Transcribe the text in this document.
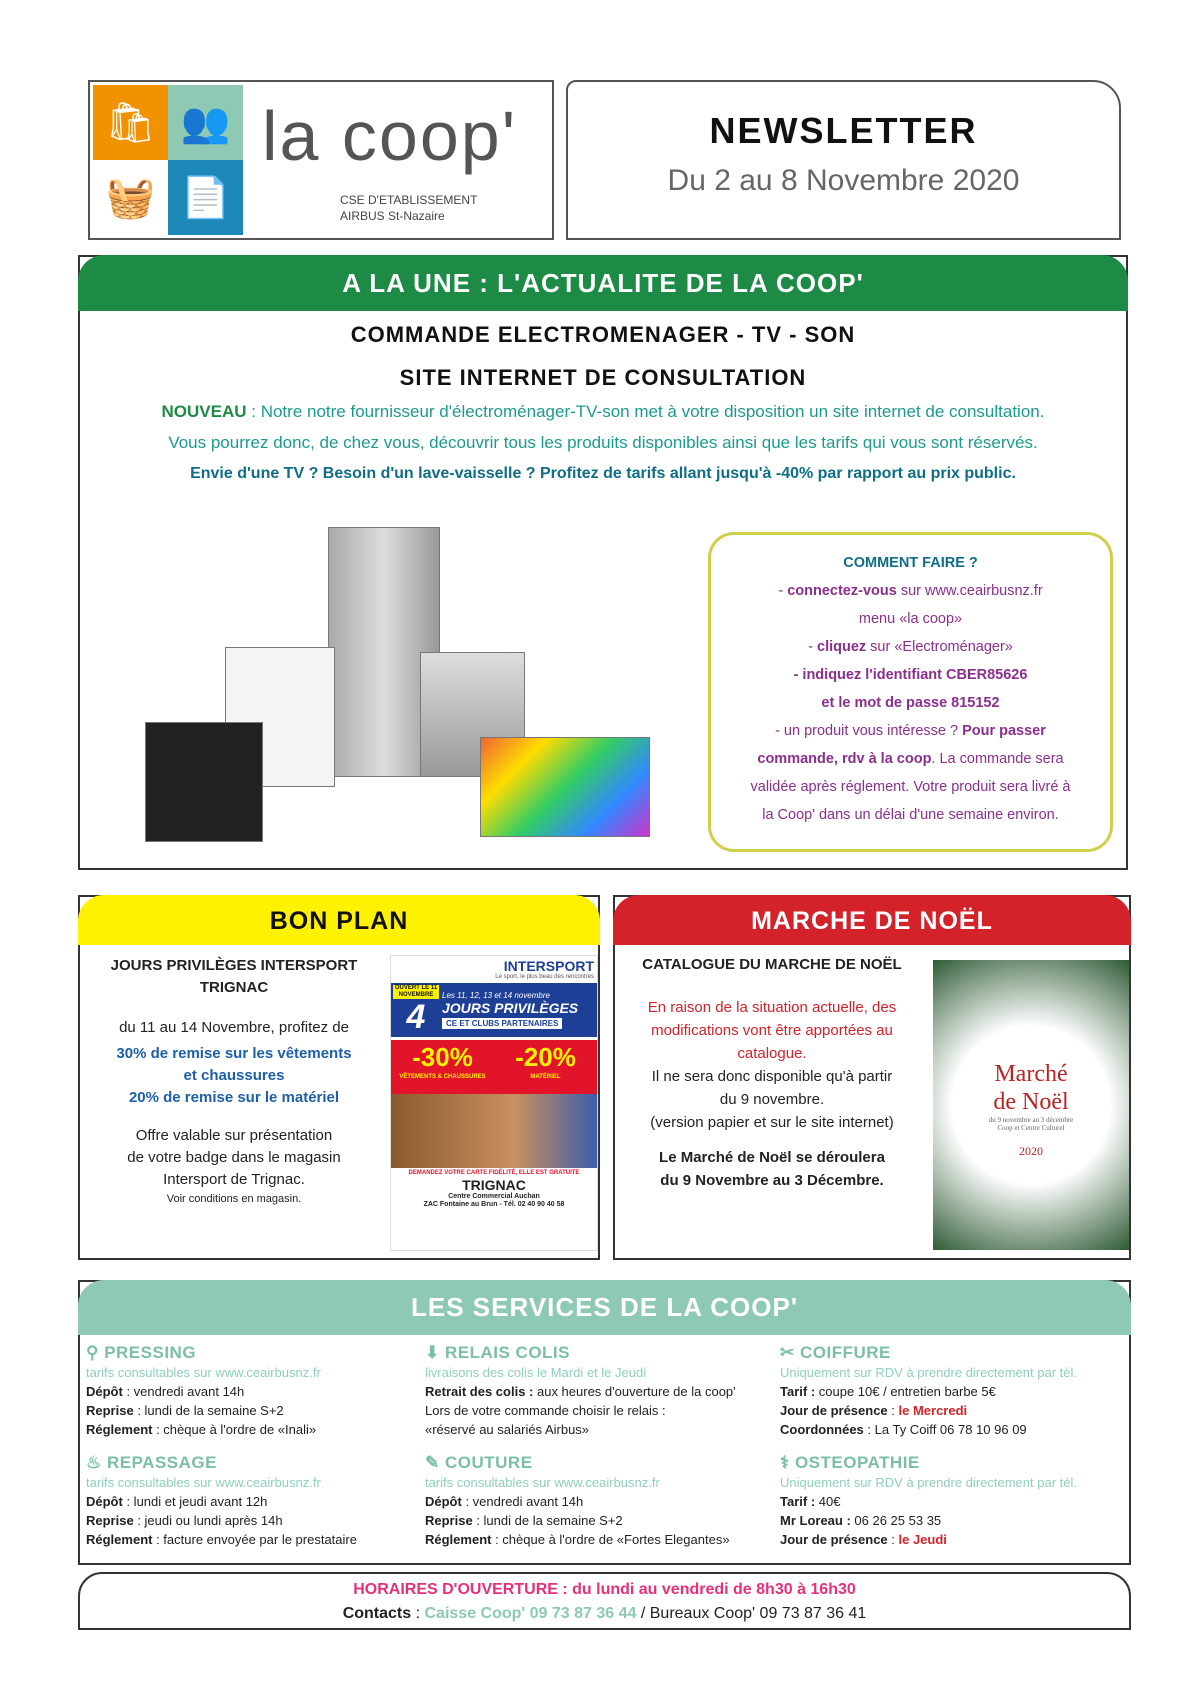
🛍 👥
🧺 📄
la coop'
CSE D'ETABLISSEMENT
AIRBUS St-Nazaire
NEWSLETTER
Du 2 au 8 Novembre 2020
A LA UNE : L'ACTUALITE DE LA COOP'
COMMANDE ELECTROMENAGER - TV - SON
SITE INTERNET DE CONSULTATION
NOUVEAU : Notre notre fournisseur d'électroménager-TV-son met à votre disposition un site internet de consultation.
Vous pourrez donc, de chez vous, découvrir tous les produits disponibles ainsi que les tarifs qui vous sont réservés.
Envie d'une TV ? Besoin d'un lave-vaisselle ? Profitez de tarifs allant jusqu'à -40% par rapport au prix public.
COMMENT FAIRE ?
- connectez-vous sur www.ceairbusnz.fr
menu «la coop»
- cliquez sur «Electroménager»
- indiquez l'identifiant CBER85626
et le mot de passe 815152
- un produit vous intéresse ? Pour passer
commande, rdv à la coop. La commande sera
validée après réglement. Votre produit sera livré à
la Coop' dans un délai d'une semaine environ.
BON PLAN
JOURS PRIVILÈGES INTERSPORT
TRIGNAC
du 11 au 14 Novembre, profitez de
30% de remise sur les vêtements
et chaussures
20% de remise sur le matériel
Offre valable sur présentation
de votre badge dans le magasin
Intersport de Trignac.
Voir conditions en magasin.
INTERSPORT
Le sport, le plus beau des rencontres
OUVERT LE 11 NOVEMBRE
4
Les 11, 12, 13 et 14 novembre
JOURS PRIVILÈGES
CE ET CLUBS PARTENAIRES
-30%
VÊTEMENTS & CHAUSSURES
-20%
MATÉRIEL
DEMANDEZ VOTRE CARTE FIDÉLITÉ, ELLE EST GRATUITE
TRIGNAC
Centre Commercial Auchan
ZAC Fontaine au Brun - Tél. 02 40 90 40 58
MARCHE DE NOËL
CATALOGUE DU MARCHE DE NOËL
En raison de la situation actuelle, des
modifications vont être apportées au
catalogue.
Il ne sera donc disponible qu'à partir
du 9 novembre.
(version papier et sur le site internet)
Le Marché de Noël se déroulera
du 9 Novembre au 3 Décembre.
Marché
de Noël
du 9 novembre au 3 décembre
Coop et Centre Culturel
2020
LES SERVICES DE LA COOP'
⚲ PRESSING
tarifs consultables sur www.ceairbusnz.fr
Dépôt : vendredi avant 14h
Reprise : lundi de la semaine S+2
Réglement : chèque à l'ordre de «Inali»
⬇ RELAIS COLIS
livraisons des colis le Mardi et le Jeudi
Retrait des colis : aux heures d'ouverture de la coop'
Lors de votre commande choisir le relais :
«réservé au salariés Airbus»
✂ COIFFURE
Uniquement sur RDV à prendre directement par tél.
Tarif : coupe 10€ / entretien barbe 5€
Jour de présence : le Mercredi
Coordonnées : La Ty Coiff 06 78 10 96 09
♨ REPASSAGE
tarifs consultables sur www.ceairbusnz.fr
Dépôt : lundi et jeudi avant 12h
Reprise : jeudi ou lundi après 14h
Réglement : facture envoyée par le prestataire
✎ COUTURE
tarifs consultables sur www.ceairbusnz.fr
Dépôt : vendredi avant 14h
Reprise : lundi de la semaine S+2
Réglement : chèque à l'ordre de «Fortes Elegantes»
⚕ OSTEOPATHIE
Uniquement sur RDV à prendre directement par tél.
Tarif : 40€
Mr Loreau : 06 26 25 53 35
Jour de présence : le Jeudi
HORAIRES D'OUVERTURE : du lundi au vendredi de 8h30 à 16h30
Contacts : Caisse Coop' 09 73 87 36 44 / Bureaux Coop' 09 73 87 36 41
